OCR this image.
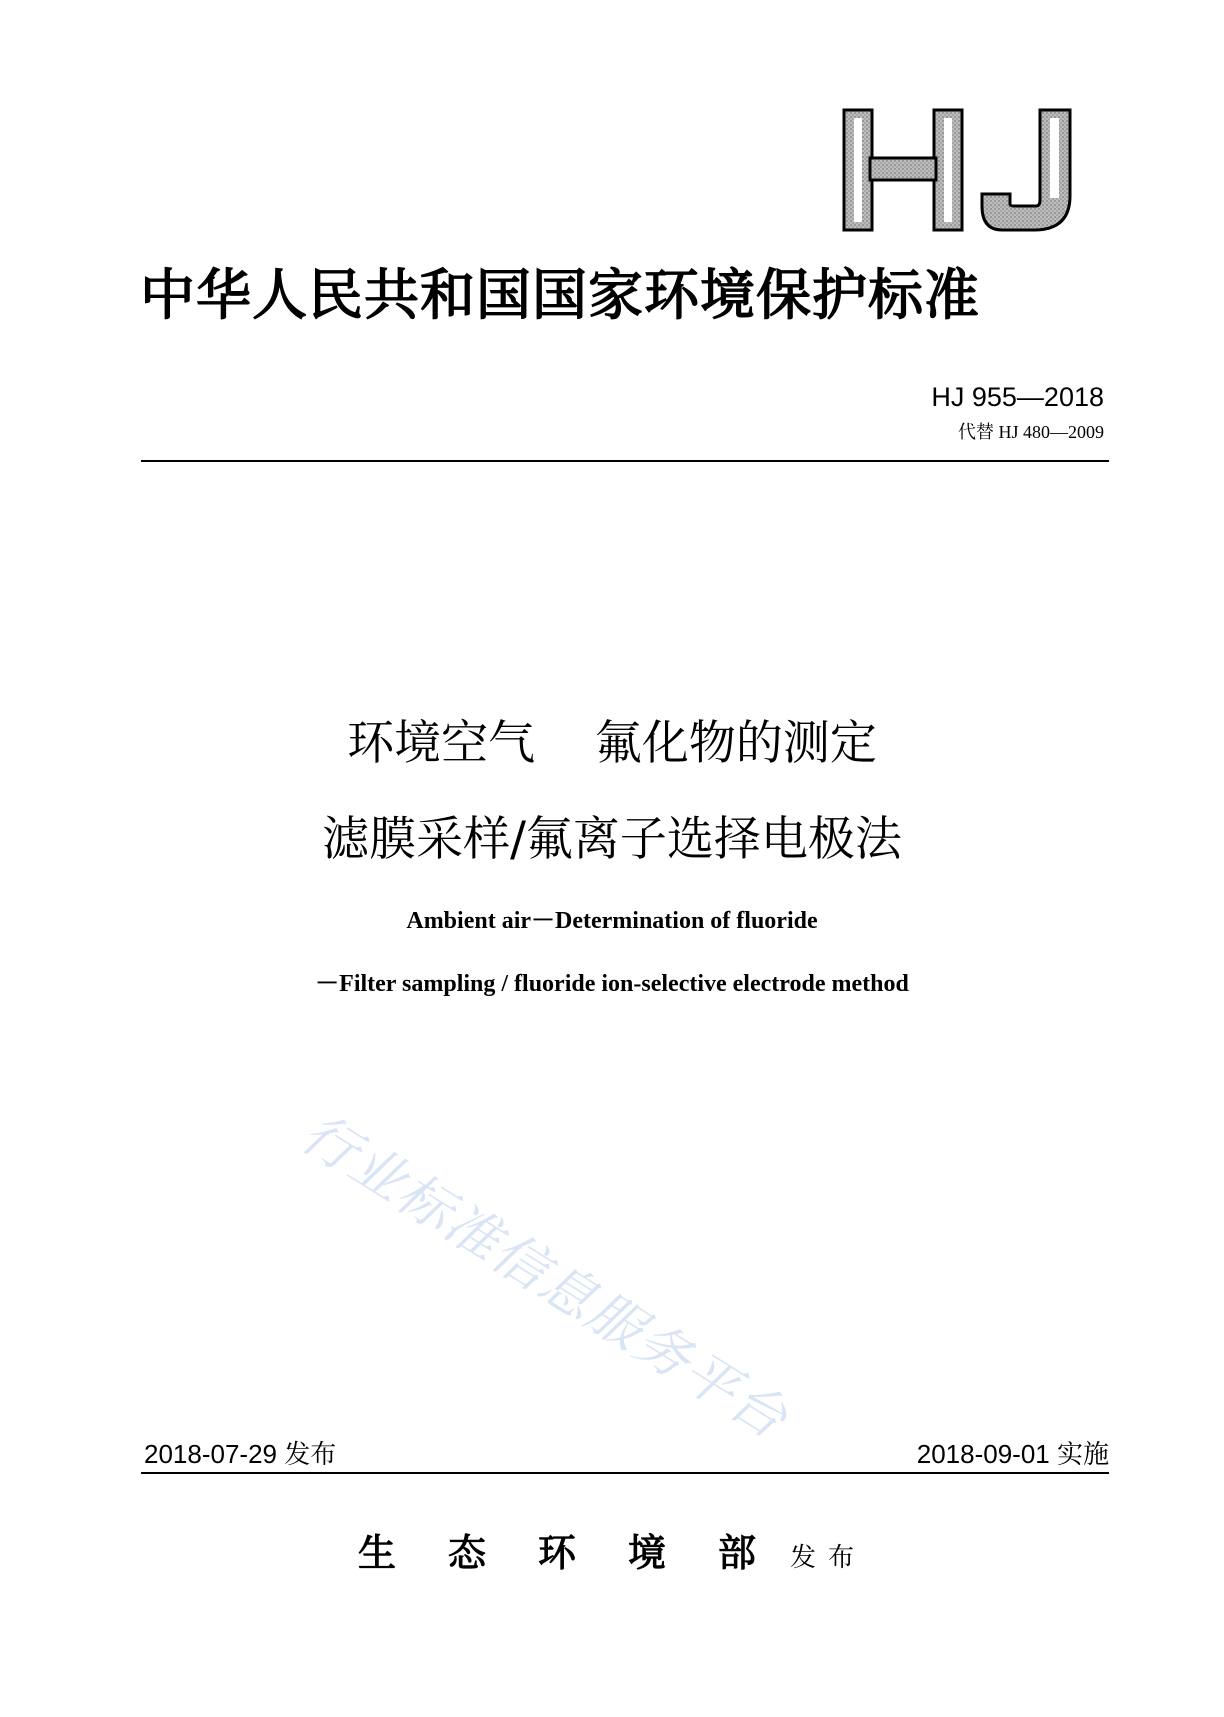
中华人民共和国国家环境保护标准
HJ 955—2018
代替 HJ 480—2009
环境空气    氟化物的测定
滤膜采样/氟离子选择电极法
Ambient air－Determination of fluoride
－Filter sampling / fluoride ion-selective electrode method
行业标准信息服务平台
2018-07-29 发布	2018-09-01 实施
生态环境部发布
